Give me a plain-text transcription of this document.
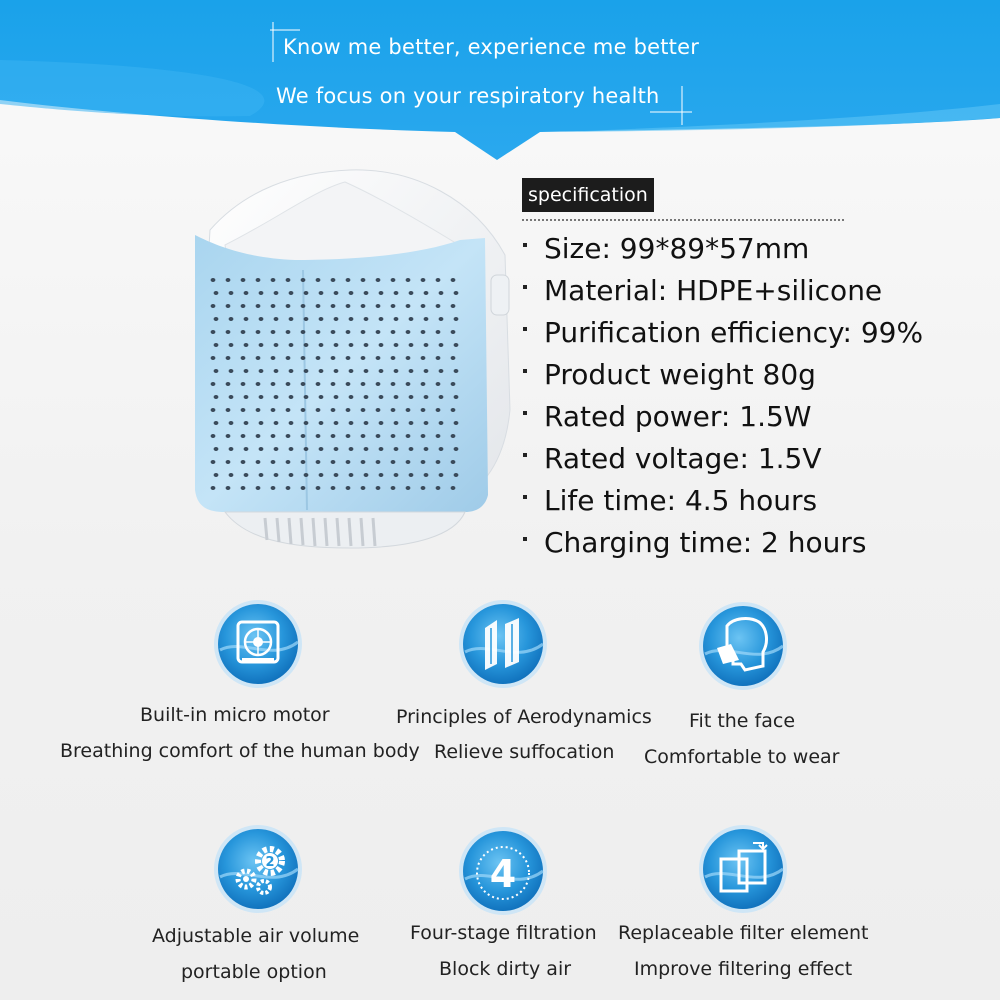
Know me better, experience me better
We focus on your respiratory health
specification
Size: 99*89*57mm
Material: HDPE+silicone
Purification efficiency: 99%
Product weight 80g
Rated power: 1.5W
Rated voltage: 1.5V
Life time: 4.5 hours
Charging time: 2 hours
Built-in micro motor
Breathing comfort of the human body
Principles of Aerodynamics
Relieve suffocation
Fit the face
Comfortable to wear
2
Adjustable air volume
portable option
4
Four-stage filtration
Block dirty air
Replaceable filter element
Improve filtering effect
